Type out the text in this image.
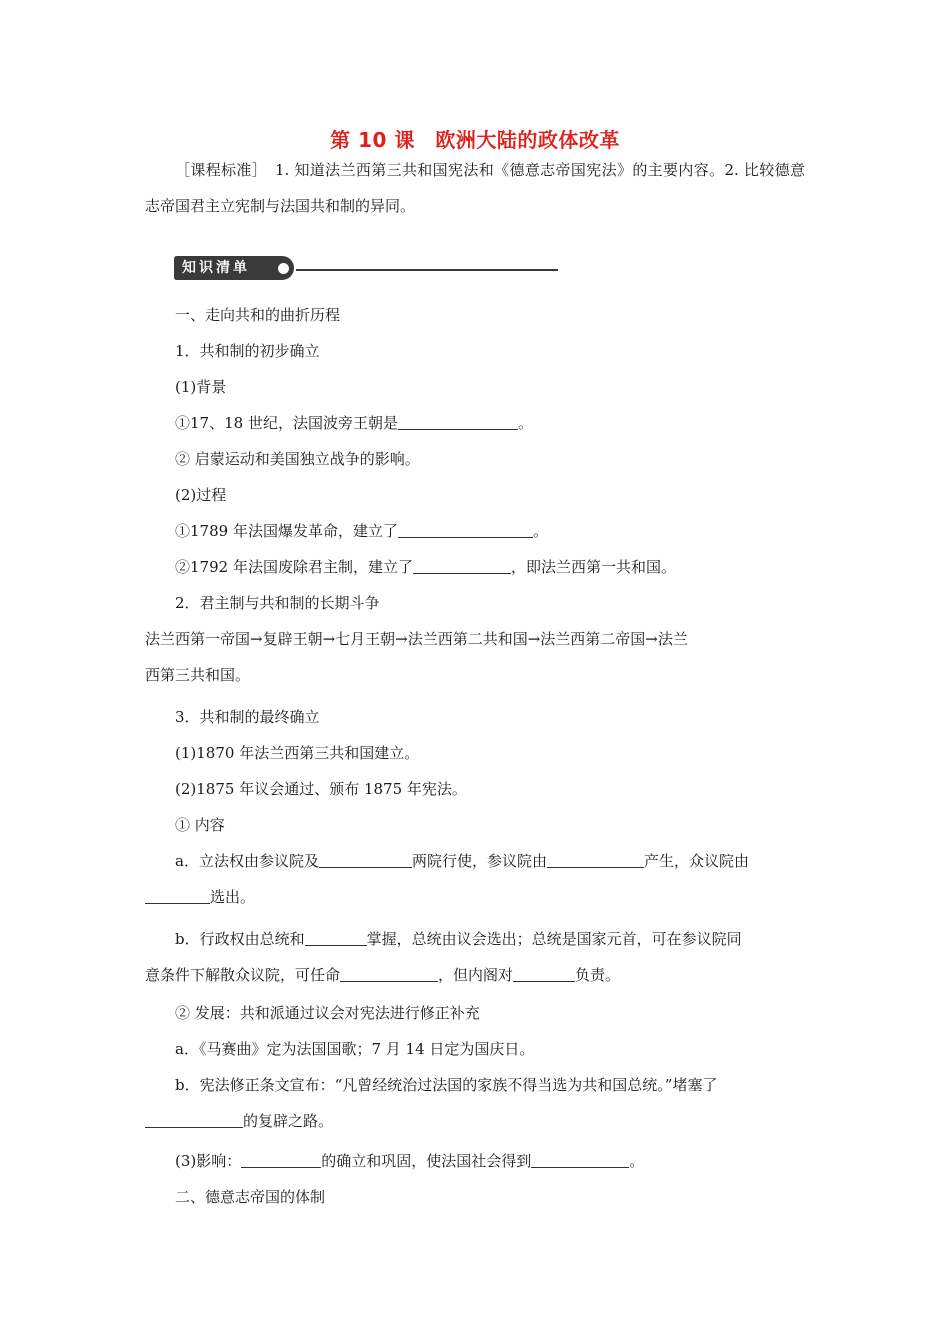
第 10 课　欧洲大陆的政体改革
［课程标准］　1. 知道法兰西第三共和国宪法和《德意志帝国宪法》的主要内容。2. 比较德意志帝国君主立宪制与法国共和制的异同。
知识清单
一、走向共和的曲折历程
1．共和制的初步确立
(1)背景
①17、18 世纪，法国波旁王朝是	。
② 启蒙运动和美国独立战争的影响。
(2)过程
①1789 年法国爆发革命，建立了	。
②1792 年法国废除君主制，建立了	，即法兰西第一共和国。
2．君主制与共和制的长期斗争
法兰西第一帝国→复辟王朝→七月王朝→法兰西第二共和国→法兰西第二帝国→法兰
西第三共和国。
3．共和制的最终确立
(1)1870 年法兰西第三共和国建立。
(2)1875 年议会通过、颁布 1875 年宪法。
① 内容
a．立法权由参议院及	两院行使，参议院由	产生，众议院由
选出。
b．行政权由总统和	掌握，总统由议会选出；总统是国家元首，可在参议院同
意条件下解散众议院，可任命	，但内阁对	负责。
② 发展：共和派通过议会对宪法进行修正补充
a．《马赛曲》定为法国国歌；7 月 14 日定为国庆日。
b．宪法修正条文宣布：“凡曾经统治过法国的家族不得当选为共和国总统。”堵塞了
的复辟之路。
(3)影响：	的确立和巩固，使法国社会得到	。
二、德意志帝国的体制
